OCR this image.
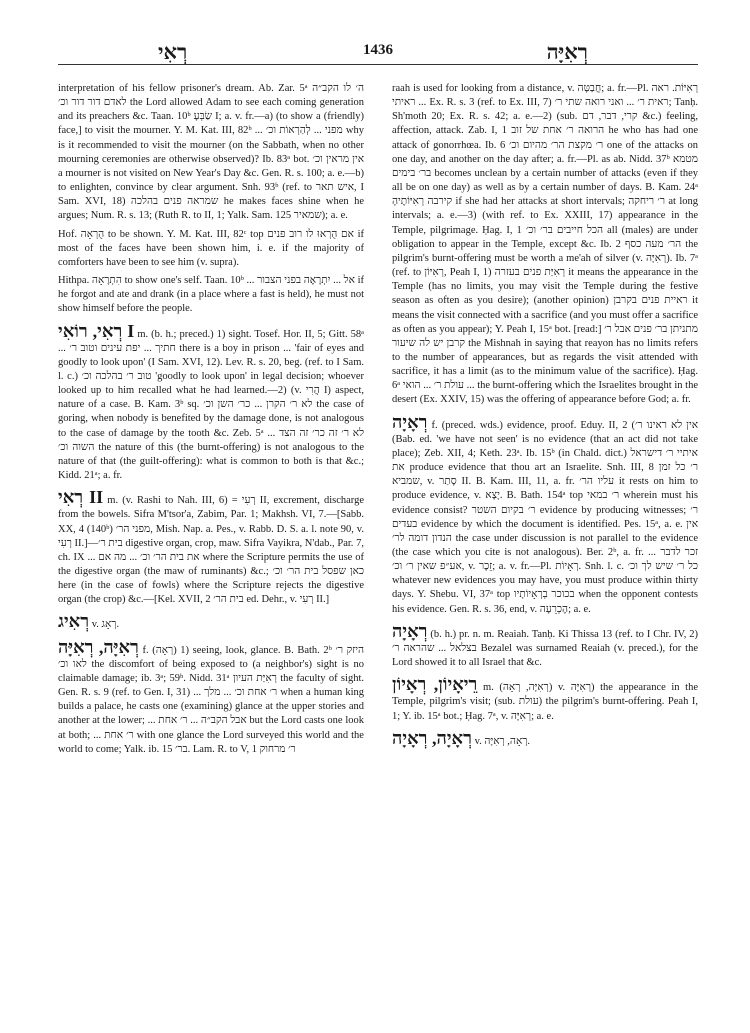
רְאִי	1436	רְאִיָּה

interpretation of his fellow prisoner's dream. Ab. Zar. 5ᵃ ה׳ לו הקב״ה לאדם דור דור וכ׳ the Lord allowed Adam to see each coming generation and its preachers &c. Taan. 10ᵇ שַׂבְּעָ I; a. v. fr.—a) (to show a (friendly) face,] to visit the mourner. Y. M. Kat. III, 82ᵇ ... מפני ... לְהַרְאוֹת וכ׳ why is it recommended to visit the mourner (on the Sabbath, when no other mourning ceremonies are otherwise observed)? Ib. 83ᵃ bot. אין מראין וכ׳ a mourner is not visited on New Year's Day &c. Gen. R. s. 100; a. e.—b) to enlighten, convince by clear argument. Snh. 93ᵇ (ref. to איש תאר, I Sam. XVI, 18) שמראה פנים בהלכה he makes faces shine when he argues; Num. R. s. 13; (Ruth R. to II, 1; Yalk. Sam. 125 שמאיר); a. e.

Hof. הֻרְאָה to be shown. Y. M. Kat. III, 82ᶜ top אם הֻרְאוּ לו רוב פנים if most of the faces have been shown him, i. e. if the majority of comforters have been to see him (v. supra).

Hithpa. הִתְרָאָה to show one's self. Taan. 10ᵇ ... אל ... יִתְרָאֶה בפני הצבור if he forgot and ate and drank (in a place where a fast is held), he must not show himself before the people.

רְאִי, רוֹאִי I m. (b. h.; preced.) 1) sight. Tosef. Hor. II, 5; Gitt. 58ᵃ ... חתיך ... יפת עינים וטוב ר׳ there is a boy in prison ... 'fair of eyes and goodly to look upon' (I Sam. XVI, 12). Lev. R. s. 20, beg. (ref. to I Sam. l. c.) טוב ר׳ בהלכה וכ׳ 'goodly to look upon' in legal decision; whoever looked up to him recalled what he had learned.—2) (v. הֲרִי I) aspect, nature of a case. B. Kam. 3ᵇ sq. לא ר׳ הקרן ... כר׳ השן וכ׳ the case of goring, when nobody is benefited by the damage done, is not analogous to the case of damage by the tooth &c. Zeb. 5ᵃ ... לא ר׳ זה כר׳ זה הצד השוה וכ׳ the nature of this (the burnt-offering) is not analogous to the nature of that (the guilt-offering): what is common to both is that &c.; Kidd. 21ᵃ; a. fr.

רְאִי II m. (v. Rashi to Nah. III, 6) = רְעִי II, excrement, discharge from the bowels. Sifra M'tsor'a, Zabim, Par. 1; Makhsh. VI, 7.—[Sabb. XX, 4 (140ᵇ) מפני הר׳, Mish. Nap. a. Pes., v. Rabb. D. S. a. l. note 90, v. רְעִי II.]—בית ר׳ digestive organ, crop, maw. Sifra Vayikra, N'dab., Par. 7, ch. IX ... את בית הר׳ וכ׳ ... מה אם where the Scripture permits the use of the digestive organ (the maw of ruminants) &c.; כאן שפסל בית הר׳ וכ׳ here (in the case of fowls) where the Scripture rejects the digestive organ (the crop) &c.—[Kel. XVII, 2 בית הר׳ ed. Dehr., v. רְעִי II.]

רְאִיג v. רְאָג.

רְאִיָּה, רְאִיָּה f. (רְאָה) 1) seeing, look, glance. B. Bath. 2ᵇ היזק ר׳ לאו וכ׳ the discomfort of being exposed to (a neighbor's) sight is no claimable damage; ib. 3ᵃ; 59ᵇ. Nidd. 31ᵃ רְאִיַּת העיון the faculty of sight. Gen. R. s. 9 (ref. to Gen. I, 31) ... ר׳ אחת וכ׳ ... מלך when a human king builds a palace, he casts one (examining) glance at the upper stories and another at the lower; ... אבל הקב״ה ... ר׳ אחת but the Lord casts one look at both; ... ר׳ אחת with one glance the Lord surveyed this world and the world to come; Yalk. ib. 15 בר׳. Lam. R. to V, 1 ר׳ מרחוק

raah is used for looking from a distance, v. חֲבַטָּה; a. fr.—Pl. רְאִיּוֹת. ראה ראיתי ... Ex. R. s. 3 (ref. to Ex. III, 7) ראית ר׳ ... ואני רואה שתי ר׳; Tanḥ. Sh'moth 20; Ex. R. s. 42; a. e.—2) (sub. קרי, דבר, דם &c.) feeling, affection, attack. Zab. I, 1 הרואה ר׳ אחת של זוב he who has had one attack of gonorrhœa. Ib. 6 ר׳ מקצת הר׳ מהיום וכ׳ one of the attacks on one day, and another on the day after; a. fr.—Pl. as ab. Nidd. 37ᵇ מטמא בר׳ בימים becomes unclean by a certain number of attacks (even if they all be on one day) as well as by a certain number of days. B. Kam. 24ᵃ קירבה רְאִיּוֹתֶיהָ if she had her attacks at short intervals; ר׳ ריחקה at long intervals; a. e.—3) (with ref. to Ex. XXIII, 17) appearance in the Temple, pilgrimage. Ḥag. I, 1 הכל חייבים בר׳ וכ׳ all (males) are under obligation to appear in the Temple, except &c. Ib. 2 הר׳ מעה כסף the pilgrim's burnt-offering must be worth a me'ah of silver (v. רְאִיָּה). Ib. 7ᵃ (ref. to רְאִיּוֹן, Peah I, 1) רְאִיַּת פנים בעזרה it means the appearance in the Temple (has no limits, you may visit the Temple during the festive season as often as you desire); (another opinion) ראיית פנים בקרבן it means the visit connected with a sacrifice (and you must offer a sacrifice as often as you appear); Y. Peah I, 15ᵃ bot. [read:] מתניתן בר׳ פנים אבל ר׳ קרבן יש לה שיעור the Mishnah in saying that reayon has no limits refers to the number of appearances, but as regards the visit attended with sacrifice, it has a limit (as to the minimum value of the sacrifice). Ḥag. 6ᵃ עולת ר׳ ... הואי ... the burnt-offering which the Israelites brought in the desert (Ex. XXIV, 15) was the offering of appearance before God; a. fr.

רְאָיָה f. (preced. wds.) evidence, proof. Eduy. II, 2 (אין לא ראינו ר׳ (Bab. ed. 'we have not seen' is no evidence (that an act did not take place); Zeb. XII, 4; Keth. 23ᵃ. Ib. 15ᵇ (in Chald. dict.) איתיי ר׳ דישראל את produce evidence that thou art an Israelite. Snh. III, 8 ר׳ כל זמן שמביא, v. סָתַר II. B. Kam. III, 11, a. fr. עליו הר׳ it rests on him to produce evidence, v. יָצָא. B. Bath. 154ᵃ top ר׳ במאי wherein must his evidence consist? ר׳ בקיום השטר evidence by producing witnesses; ר׳ בעדים evidence by which the document is identified. Pes. 15ᵃ, a. e. אין הנדון דומה לר׳ the case under discussion is not parallel to the evidence (the case which you cite is not analogous). Ber. 2ᵇ, a. fr. זכר לדבר ... אע״פ שאין ר׳ וכ׳, v. זֵכֶר; a. v. fr.—Pl. רְאָיוֹת. Snh. l. c. כל ר׳ שיש לך וכ׳ whatever new evidences you may have, you must produce within thirty days. Y. Shebu. VI, 37ᵃ top בכוכר בְרְאָיוֹתָיו when the opponent contests his evidence. Gen. R. s. 36, end, v. הֶכְרֵעָה; a. e.

רְאָיָה (b. h.) pr. n. m. Reaiah. Tanḥ. Ki Thissa 13 (ref. to I Chr. IV, 2) בצלאל ... שהראה ר׳ Bezalel was surnamed Reaiah (v. preced.), for the Lord showed it to all Israel that &c.

רֵיאָיוֹן, רְאָיוֹן m. (רְאִיָּה, רְאָה) v. רְאִיָּה) the appearance in the Temple, pilgrim's visit; (sub. עולת) the pilgrim's burnt-offering. Peah I, 1; Y. ib. 15ᵃ bot.; Ḥag. 7ᵃ, v. רְאִיָּה; a. e.

רְאָיָה, רְאָיָה v. רְאָה, רְאִיָּה.
